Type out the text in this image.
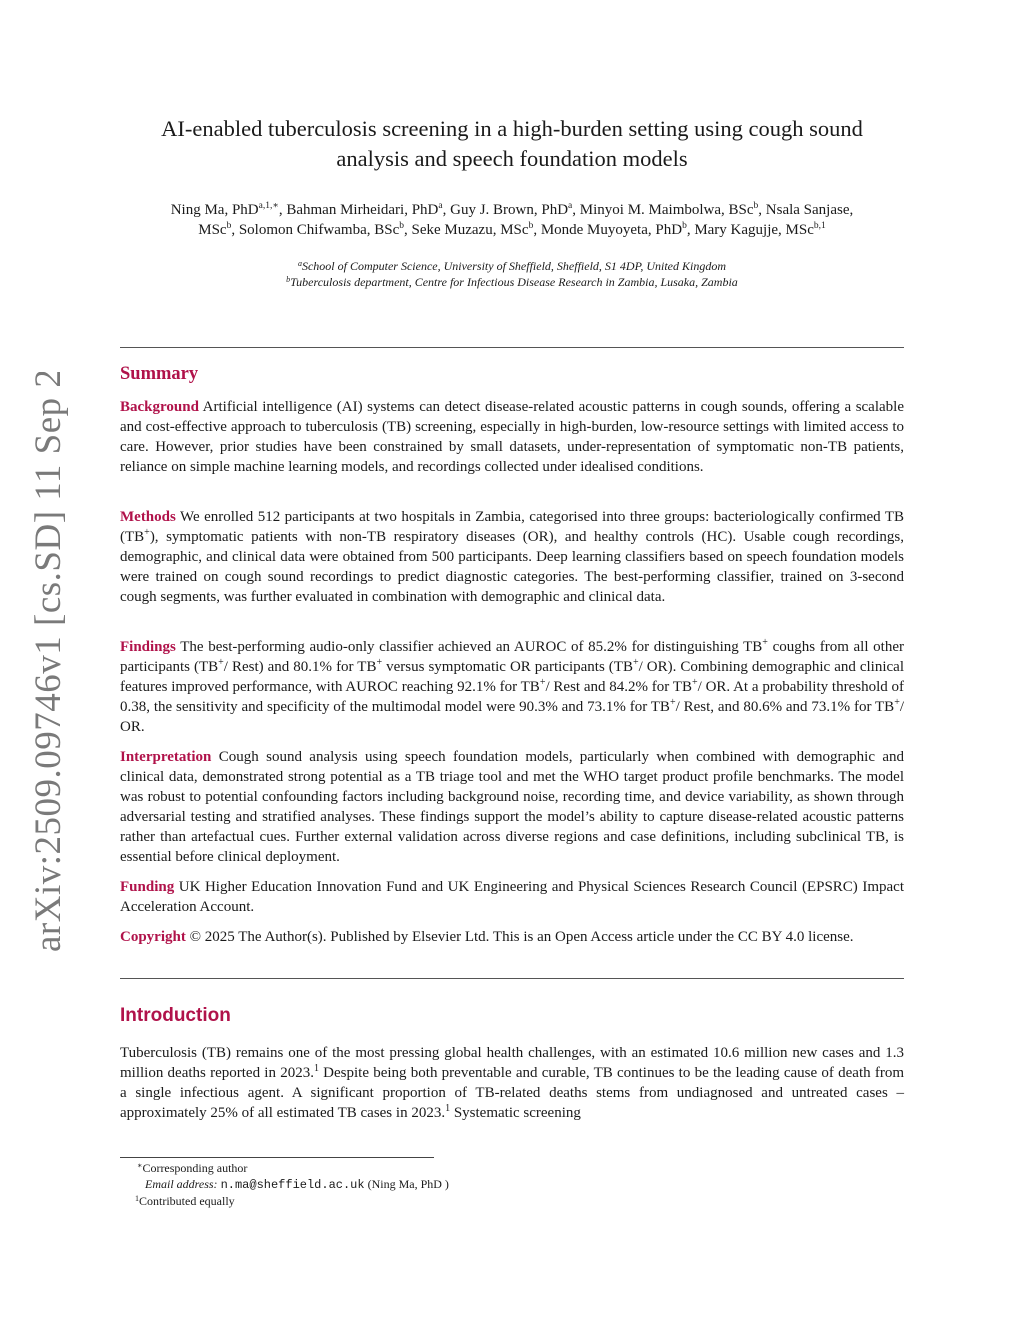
arXiv:2509.09746v1 [cs.SD] 11 Sep 2025
AI-enabled tuberculosis screening in a high-burden setting using cough sound
analysis and speech foundation models
Ning Ma, PhD$^{a,1,∗}$, Bahman Mirheidari, PhD$^a$, Guy J. Brown, PhD$^a$, Minyoi M. Maimbolwa, BSc$^b$, Nsala Sanjase,
MSc$^b$, Solomon Chifwamba, BSc$^b$, Seke Muzazu, MSc$^b$, Monde Muyoyeta, PhD$^b$, Mary Kagujje, MSc$^{b,1}$
$^a$School of Computer Science, University of Sheffield, Sheffield, S1 4DP, United Kingdom
$^b$Tuberculosis department, Centre for Infectious Disease Research in Zambia, Lusaka, Zambia
Summary
Background Artificial intelligence (AI) systems can detect disease-related acoustic patterns in cough sounds, offering a scalable and cost-effective approach to tuberculosis (TB) screening, especially in high-burden, low-resource settings with limited access to care. However, prior studies have been constrained by small datasets, under-representation of symptomatic non-TB patients, reliance on simple machine learning models, and recordings collected under idealised conditions.
Methods We enrolled 512 participants at two hospitals in Zambia, categorised into three groups: bacteriologically confirmed TB (TB+), symptomatic patients with non-TB respiratory diseases (OR), and healthy controls (HC). Usable cough recordings, demographic, and clinical data were obtained from 500 participants. Deep learning classifiers based on speech foundation models were trained on cough sound recordings to predict diagnostic categories. The best-performing classifier, trained on 3-second cough segments, was further evaluated in combination with demographic and clinical data.
Findings The best-performing audio-only classifier achieved an AUROC of 85.2% for distinguishing TB+ coughs from all other participants (TB+/ Rest) and 80.1% for TB+ versus symptomatic OR participants (TB+/ OR). Combining demographic and clinical features improved performance, with AUROC reaching 92.1% for TB+/ Rest and 84.2% for TB+/ OR. At a probability threshold of 0.38, the sensitivity and specificity of the multimodal model were 90.3% and 73.1% for TB+/ Rest, and 80.6% and 73.1% for TB+/ OR.
Interpretation Cough sound analysis using speech foundation models, particularly when combined with demographic and clinical data, demonstrated strong potential as a TB triage tool and met the WHO target product profile benchmarks. The model was robust to potential confounding factors including background noise, recording time, and device variability, as shown through adversarial testing and stratified analyses. These findings support the model’s ability to capture disease-related acoustic patterns rather than artefactual cues. Further external validation across diverse regions and case definitions, including subclinical TB, is essential before clinical deployment.
Funding UK Higher Education Innovation Fund and UK Engineering and Physical Sciences Research Council (EPSRC) Impact Acceleration Account.
Copyright © 2025 The Author(s). Published by Elsevier Ltd. This is an Open Access article under the CC BY 4.0 license.
Introduction
Tuberculosis (TB) remains one of the most pressing global health challenges, with an estimated 10.6 million new cases and 1.3 million deaths reported in 2023.$^1$ Despite being both preventable and curable, TB continues to be the leading cause of death from a single infectious agent. A significant proportion of TB-related deaths stems from undiagnosed and untreated cases – approximately 25% of all estimated TB cases in 2023.$^1$ Systematic screening
∗Corresponding author
Email address: n.ma@sheffield.ac.uk (Ning Ma, PhD )
$^1$Contributed equally
